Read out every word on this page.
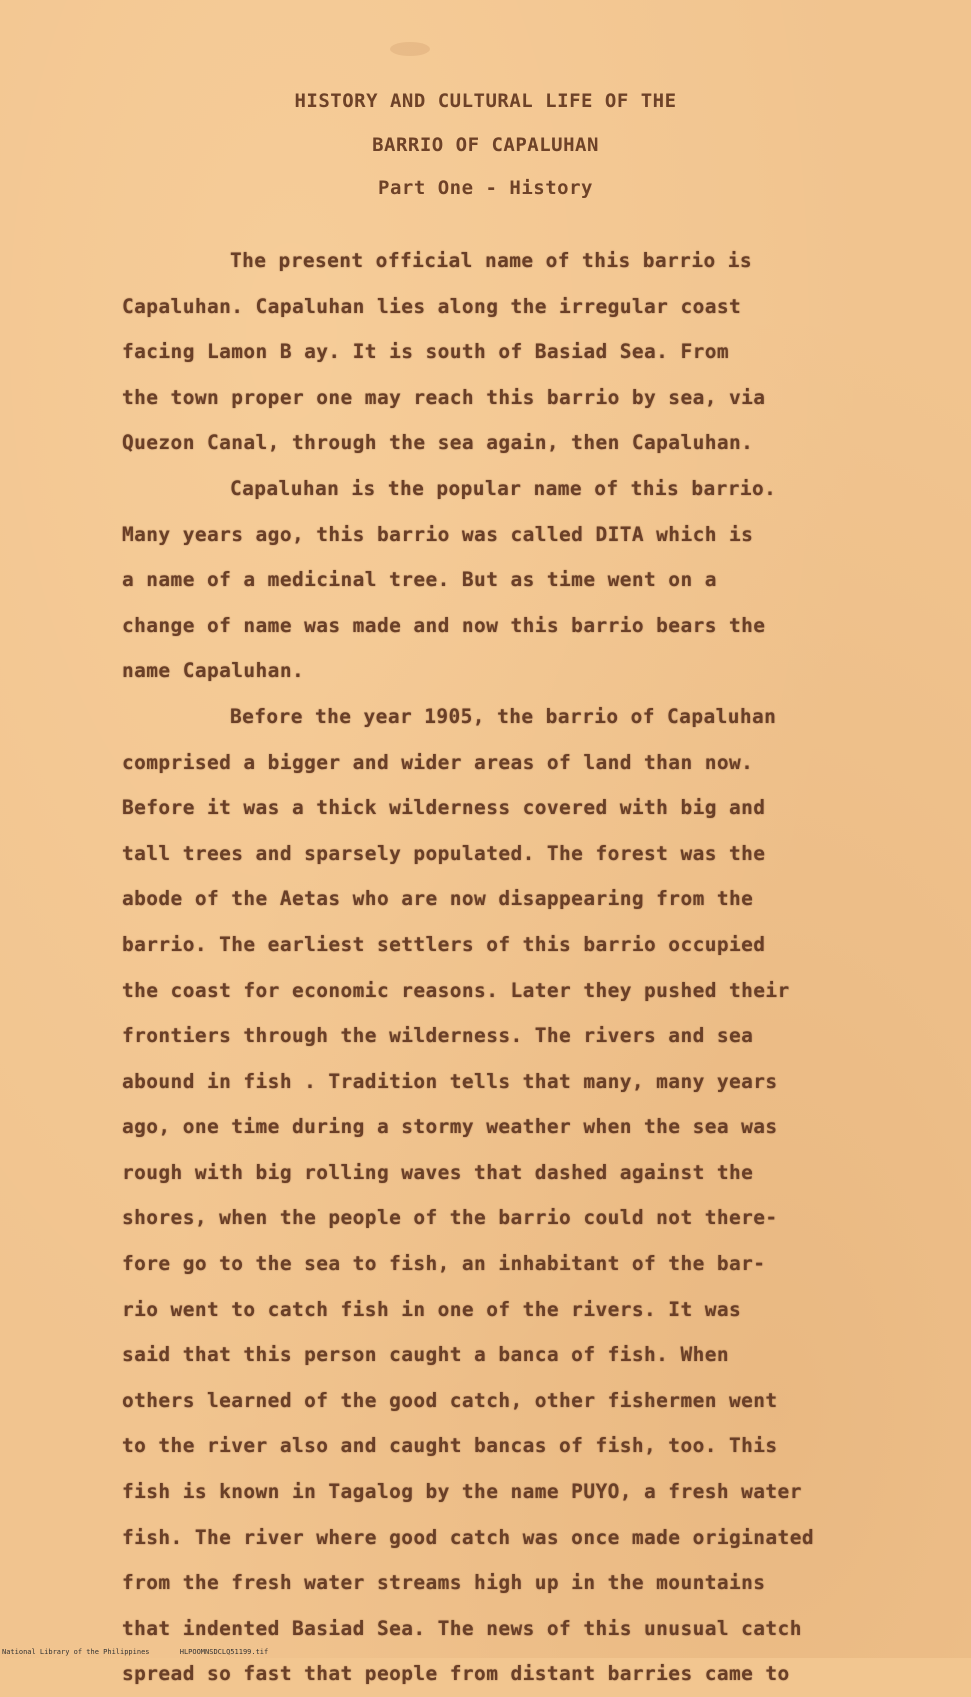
HISTORY AND CULTURAL LIFE OF THE
BARRIO OF CAPALUHAN
Part One - History

The present official name of this barrio is
Capaluhan. Capaluhan lies along the irregular coast
facing Lamon B ay. It is south of Basiad Sea. From
the town proper one may reach this barrio by sea, via
Quezon Canal, through the sea again, then Capaluhan.

Capaluhan is the popular name of this barrio.
Many years ago, this barrio was called DITA which is
a name of a medicinal tree. But as time went on a
change of name was made and now this barrio bears the
name Capaluhan.

Before the year 1905, the barrio of Capaluhan
comprised a bigger and wider areas of land than now.
Before it was a thick wilderness covered with big and
tall trees and sparsely populated. The forest was the
abode of the Aetas who are now disappearing from the
barrio. The earliest settlers of this barrio occupied
the coast for economic reasons. Later they pushed their
frontiers through the wilderness. The rivers and sea
abound in fish . Tradition tells that many, many years
ago, one time during a stormy weather when the sea was
rough with big rolling waves that dashed against the
shores, when the people of the barrio could not there-
fore go to the sea to fish, an inhabitant of the bar-
rio went to catch fish in one of the rivers. It was
said that this person caught a banca of fish. When
others learned of the good catch, other fishermen went
to the river also and caught bancas of fish, too. This
fish is known in Tagalog by the name PUYO, a fresh water
fish. The river where good catch was once made originated
from the fresh water streams high up in the mountains
that indented Basiad Sea. The news of this unusual catch
spread so fast that people from distant barries came to

National Library of the Philippines	HLPOOMNSDCLQ51199.tif
